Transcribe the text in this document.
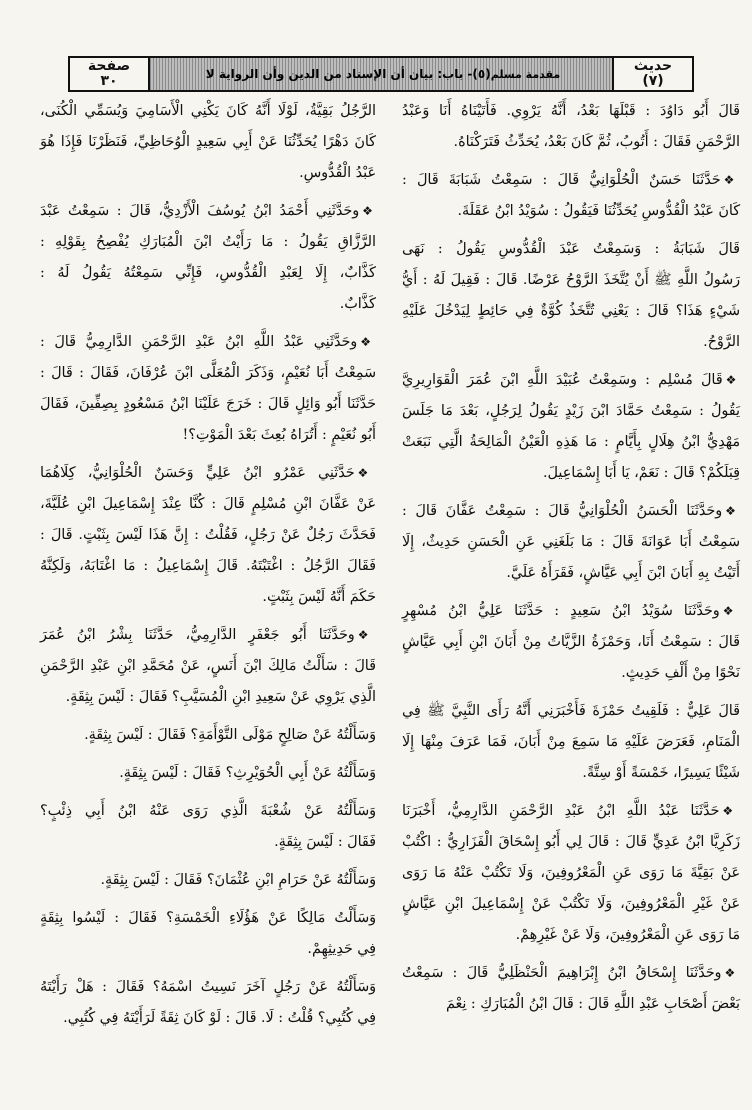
حديث
(٧)
مقدمة مسلم
(٥)- باب: بيان أن الإسناد من الدين وأن الرواية لا
صفحة
٣٠

قَالَ أَبُو دَاوُدَ : قَبْلَهَا بَعْدُ، أَنَّهُ يَرْوِي. فَأَتَيْنَاهُ أَنَا وَعَبْدُ
الرَّحْمَنِ فَقَالَ : أَتُوبُ، ثُمَّ كَانَ بَعْدُ، يُحَدِّثُ فَتَرَكْنَاهُ.

❖حَدَّثَنَا حَسَنٌ الْحُلْوَانِيُّ قَالَ : سَمِعْتُ شَبَابَةَ قَالَ :
كَانَ عَبْدُ الْقُدُّوسِ يُحَدِّثُنَا فَيَقُولُ : سُوَيْدُ ابْنُ عَقَلَةَ.

قَالَ شَبَابَةُ : وَسَمِعْتُ عَبْدَ الْقُدُّوسِ يَقُولُ : نَهَى
رَسُولُ اللَّهِ ﷺ أَنْ يُتَّخَذَ الرَّوْحُ عَرْضًا. قَالَ : فَقِيلَ لَهُ : أَيُّ
شَيْءٍ هَذَا؟ قَالَ : يَعْنِي تُتَّخَذُ كُوَّةٌ فِي حَائِطٍ لِيَدْخُلَ عَلَيْهِ
الرَّوْحُ.

❖قَالَ مُسْلِم : وسَمِعْتُ عُبَيْدَ اللَّهِ ابْنَ عُمَرَ الْقَوَارِيرِيَّ
يَقُولُ : سَمِعْتُ حَمَّادَ ابْنَ زَيْدٍ يَقُولُ لِرَجُلٍ، بَعْدَ مَا جَلَسَ
مَهْدِيُّ ابْنُ هِلَالٍ بِأَيَّامٍ : مَا هَذِهِ الْعَيْنُ الْمَالِحَةُ الَّتِي نَبَعَتْ
قِبَلَكُمْ؟ قَالَ : نَعَمْ، يَا أَبَا إِسْمَاعِيلَ.

❖وحَدَّثَنَا الْحَسَنُ الْحُلْوَانِيُّ قَالَ : سَمِعْتُ عَفَّانَ قَالَ :
سَمِعْتُ أَبَا عَوَانَةَ قَالَ : مَا بَلَغَنِي عَنِ الْحَسَنِ حَدِيثٌ، إِلَا
أَتَيْتُ بِهِ أَبَانَ ابْنَ أَبِي عَيَّاشٍ، فَقَرَأَهُ عَلَيَّ.

❖وحَدَّثَنَا سُوَيْدُ ابْنُ سَعِيدٍ : حَدَّثَنَا عَلِيُّ ابْنُ مُسْهِرٍ
قَالَ : سَمِعْتُ أَنَا، وَحَمْزَةُ الزَّيَّاتُ مِنْ أَبَانَ ابْنِ أَبِي عَيَّاشٍ
نَحْوًا مِنْ أَلْفِ حَدِيثٍ.

قَالَ عَلِيٌّ : فَلَقِيتُ حَمْزَةَ فَأَخْبَرَنِي أَنَّهُ رَأَى النَّبِيَّ ﷺ فِي
الْمَنَامِ، فَعَرَضَ عَلَيْهِ مَا سَمِعَ مِنْ أَبَانَ، فَمَا عَرَفَ مِنْهَا إِلَا
شَيْئًا يَسِيرًا، خَمْسَةً أَوْ سِتَّةً.

❖حَدَّثَنَا عَبْدُ اللَّهِ ابْنُ عَبْدِ الرَّحْمَنِ الدَّارِمِيُّ، أَخْبَرَنَا
زَكَرِيَّا ابْنُ عَدِيٍّ قَالَ : قَالَ لِي أَبُو إِسْحَاقَ الْفَزَارِيُّ : اكْتُبْ
عَنْ بَقِيَّةَ مَا رَوَى عَنِ الْمَعْرُوفِينَ، وَلَا تَكْتُبْ عَنْهُ مَا رَوَى
عَنْ غَيْرِ الْمَعْرُوفِينَ، وَلَا تَكْتُبْ عَنْ إِسْمَاعِيلَ ابْنِ عَيَّاشٍ
مَا رَوَى عَنِ الْمَعْرُوفِينَ، وَلَا عَنْ غَيْرِهِمْ.

❖وحَدَّثَنَا إِسْحَاقُ ابْنُ إِبْرَاهِيمَ الْحَنْظَلِيُّ قَالَ : سَمِعْتُ
بَعْضَ أَصْحَابِ عَبْدِ اللَّهِ قَالَ : قَالَ ابْنُ الْمُبَارَكِ : نِعْمَ

الرَّجُلُ بَقِيَّةُ، لَوْلَا أَنَّهُ كَانَ يَكْنِي الْأَسَامِيَ وَيُسَمِّي الْكُنَى،
كَانَ دَهْرًا يُحَدِّثُنَا عَنْ أَبِي سَعِيدٍ الْوُحَاظِيِّ، فَنَظَرْنَا فَإِذَا هُوَ
عَبْدُ الْقُدُّوسِ.

❖وحَدَّثَنِي أَحْمَدُ ابْنُ يُوسُفَ الْأَزْدِيُّ، قَالَ : سَمِعْتُ عَبْدَ
الرَّزَّاقِ يَقُولُ : مَا رَأَيْتُ ابْنَ الْمُبَارَكِ يُفْصِحُ بِقَوْلِهِ :
كَذَّابٌ، إِلَا لِعَبْدِ الْقُدُّوسِ، فَإِنِّي سَمِعْتُهُ يَقُولُ لَهُ :
كَذَّابٌ.

❖وحَدَّثَنِي عَبْدُ اللَّهِ ابْنُ عَبْدِ الرَّحْمَنِ الدَّارِمِيُّ قَالَ :
سَمِعْتُ أَبَا نُعَيْمٍ، وَذَكَرَ الْمُعَلَّى ابْنَ عُرْفَانَ، فَقَالَ : قَالَ :
حَدَّثَنَا أَبُو وَائِلٍ قَالَ : خَرَجَ عَلَيْنَا ابْنُ مَسْعُودٍ بِصِفِّينَ، فَقَالَ
أَبُو نُعَيْمٍ : أَتُرَاهُ بُعِثَ بَعْدَ الْمَوْتِ؟!

❖حَدَّثَنِي عَمْرُو ابْنُ عَلِيٍّ وَحَسَنٌ الْحُلْوَانِيُّ، كِلَاهُمَا
عَنْ عَفَّانَ ابْنِ مُسْلِمٍ قَالَ : كُنَّا عِنْدَ إِسْمَاعِيلَ ابْنِ عُلَيَّةَ،
فَحَدَّثَ رَجُلٌ عَنْ رَجُلٍ، فَقُلْتُ : إِنَّ هَذَا لَيْسَ بِثَبْتٍ. قَالَ :
فَقَالَ الرَّجُلُ : اغْتَبْتَهُ. قَالَ إِسْمَاعِيلُ : مَا اغْتَابَهُ، وَلَكِنَّهُ
حَكَمَ أَنَّهُ لَيْسَ بِثَبْتٍ.

❖وحَدَّثَنَا أَبُو جَعْفَرٍ الدَّارِمِيُّ، حَدَّثَنَا بِشْرُ ابْنُ عُمَرَ
قَالَ : سَأَلْتُ مَالِكَ ابْنَ أَنَسٍ، عَنْ مُحَمَّدِ ابْنِ عَبْدِ الرَّحْمَنِ
الَّذِي يَرْوِي عَنْ سَعِيدِ ابْنِ الْمُسَيَّبِ؟ فَقَالَ : لَيْسَ بِثِقَةٍ.

وَسَأَلْتُهُ عَنْ صَالِحٍ مَوْلَى التَّوْأَمَةِ؟ فَقَالَ : لَيْسَ بِثِقَةٍ.

وَسَأَلْتُهُ عَنْ أَبِي الْحُوَيْرِثِ؟ فَقَالَ : لَيْسَ بِثِقَةٍ.

وَسَأَلْتُهُ عَنْ شُعْبَةَ الَّذِي رَوَى عَنْهُ ابْنُ أَبِي ذِئْبٍ؟
فَقَالَ : لَيْسَ بِثِقَةٍ.

وَسَأَلْتُهُ عَنْ حَرَامِ ابْنِ عُثْمَانَ؟ فَقَالَ : لَيْسَ بِثِقَةٍ.

وَسَأَلْتُ مَالِكًا عَنْ هَؤُلَاءِ الْخَمْسَةِ؟ فَقَالَ : لَيْسُوا بِثِقَةٍ
فِي حَدِيثِهِمْ.

وَسَأَلْتُهُ عَنْ رَجُلٍ آخَرَ نَسِيتُ اسْمَهُ؟ فَقَالَ : هَلْ رَأَيْتَهُ
فِي كُتُبِي؟ قُلْتُ : لَا. قَالَ : لَوْ كَانَ ثِقَةً لَرَأَيْتَهُ فِي كُتُبِي.
